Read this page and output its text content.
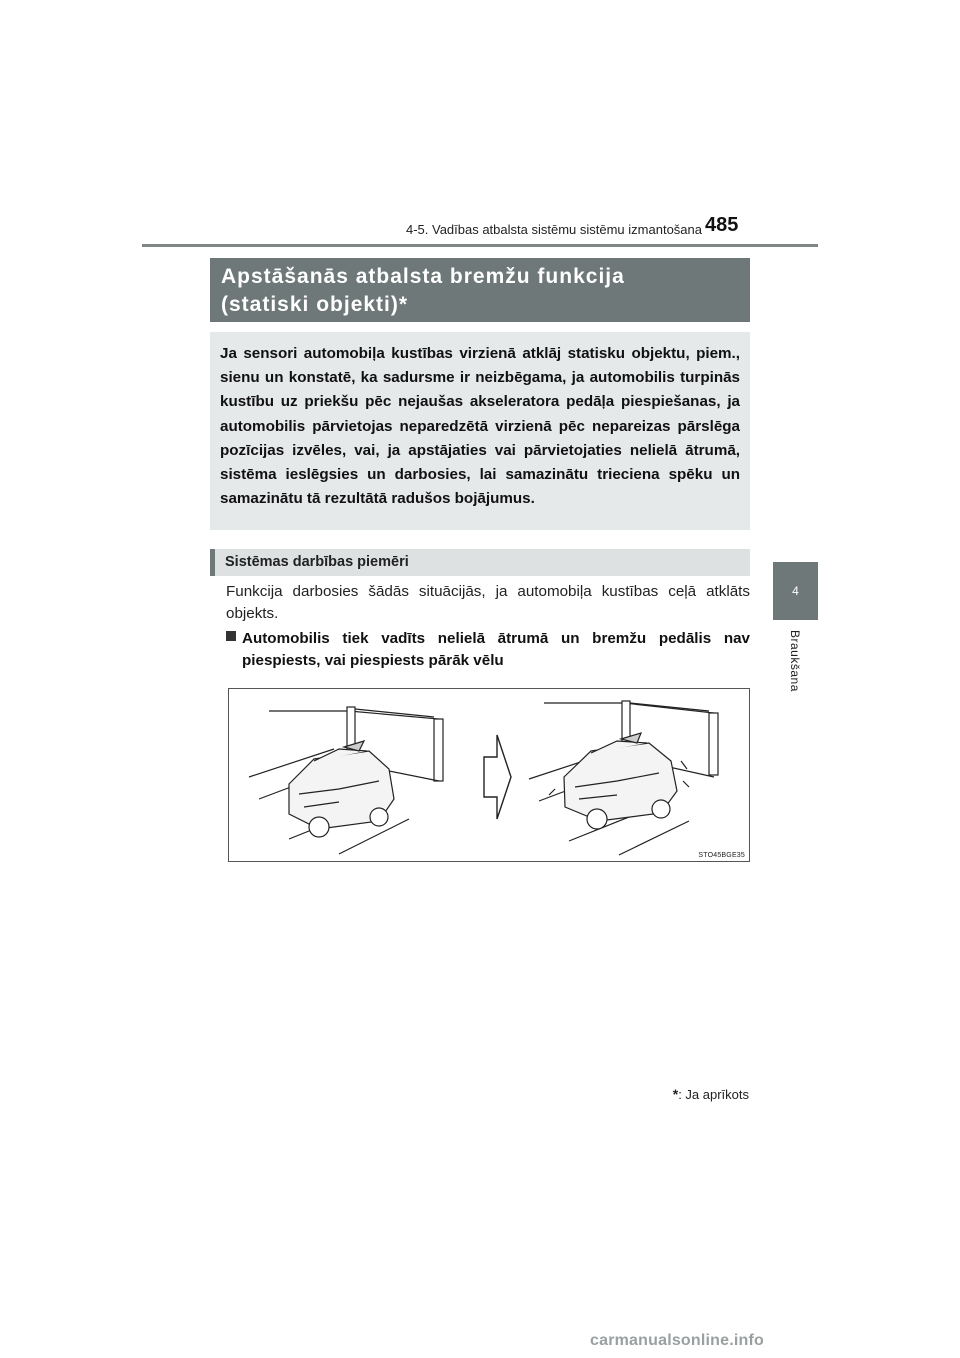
4-5. Vadības atbalsta sistēmu sistēmu izmantošana 485
4
Braukšana
Apstāšanās atbalsta bremžu funkcija
(statiski objekti)*
Ja sensori automobiļa kustības virzienā atklāj statisku objektu, piem., sienu un konstatē, ka sadursme ir neizbēgama, ja automobilis turpinās kustību uz priekšu pēc nejaušas akseleratora pedāļa piespiešanas, ja automobilis pārvietojas neparedzētā virzienā pēc nepareizas pārslēga pozīcijas izvēles, vai, ja apstājaties vai pārvietojaties nelielā ātrumā, sistēma ieslēgsies un darbosies, lai samazinātu trieciena spēku un samazinātu tā rezultātā radušos bojājumus.
Sistēmas darbības piemēri
Funkcija darbosies šādās situācijās, ja automobiļa kustības ceļā atklāts objekts.
Automobilis tiek vadīts nelielā ātrumā un bremžu pedālis nav piespiests, vai piespiests pārāk vēlu
STO45BGE35
*: Ja aprīkots
carmanualsonline.info
